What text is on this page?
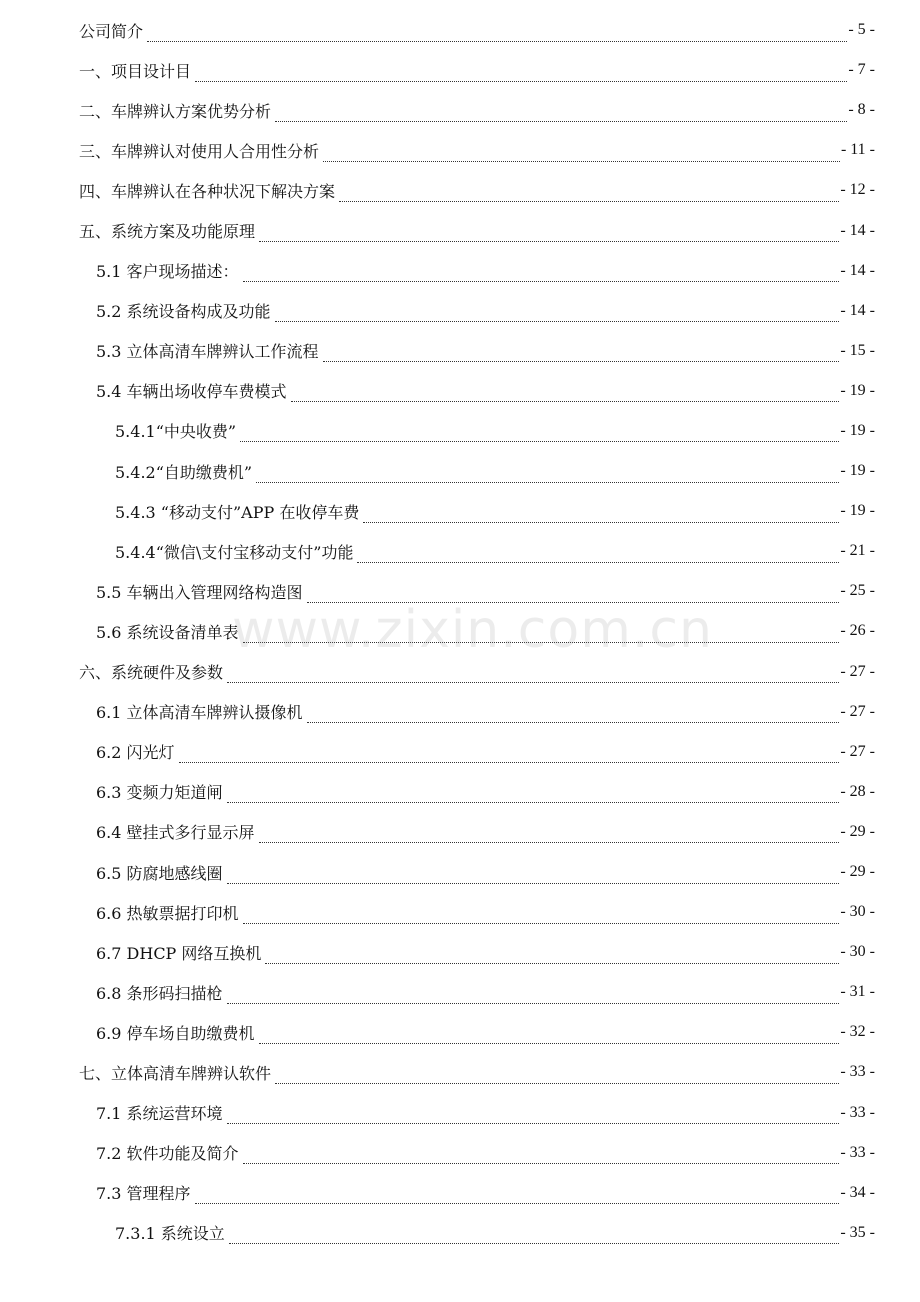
公司简介	- 5 -
一、项目设计目	- 7 -
二、车牌辨认方案优势分析	- 8 -
三、车牌辨认对使用人合用性分析	- 11 -
四、车牌辨认在各种状况下解决方案	- 12 -
五、系统方案及功能原理	- 14 -
5.1 客户现场描述：	- 14 -
5.2 系统设备构成及功能	- 14 -
5.3 立体高清车牌辨认工作流程	- 15 -
5.4 车辆出场收停车费模式	- 19 -
5.4.1“中央收费”	- 19 -
5.4.2“自助缴费机”	- 19 -
5.4.3 “移动支付”APP 在收停车费	- 19 -
5.4.4“微信\支付宝移动支付”功能	- 21 -
5.5 车辆出入管理网络构造图	- 25 -
5.6 系统设备清单表	- 26 -
六、系统硬件及参数	- 27 -
6.1 立体高清车牌辨认摄像机	- 27 -
6.2 闪光灯	- 27 -
6.3 变频力矩道闸	- 28 -
6.4 壁挂式多行显示屏	- 29 -
6.5 防腐地感线圈	- 29 -
6.6 热敏票据打印机	- 30 -
6.7 DHCP 网络互换机	- 30 -
6.8 条形码扫描枪	- 31 -
6.9 停车场自助缴费机	- 32 -
七、立体高清车牌辨认软件	- 33 -
7.1 系统运营环境	- 33 -
7.2 软件功能及简介	- 33 -
7.3 管理程序	- 34 -
7.3.1 系统设立	- 35 -
www.zixin.com.cn
